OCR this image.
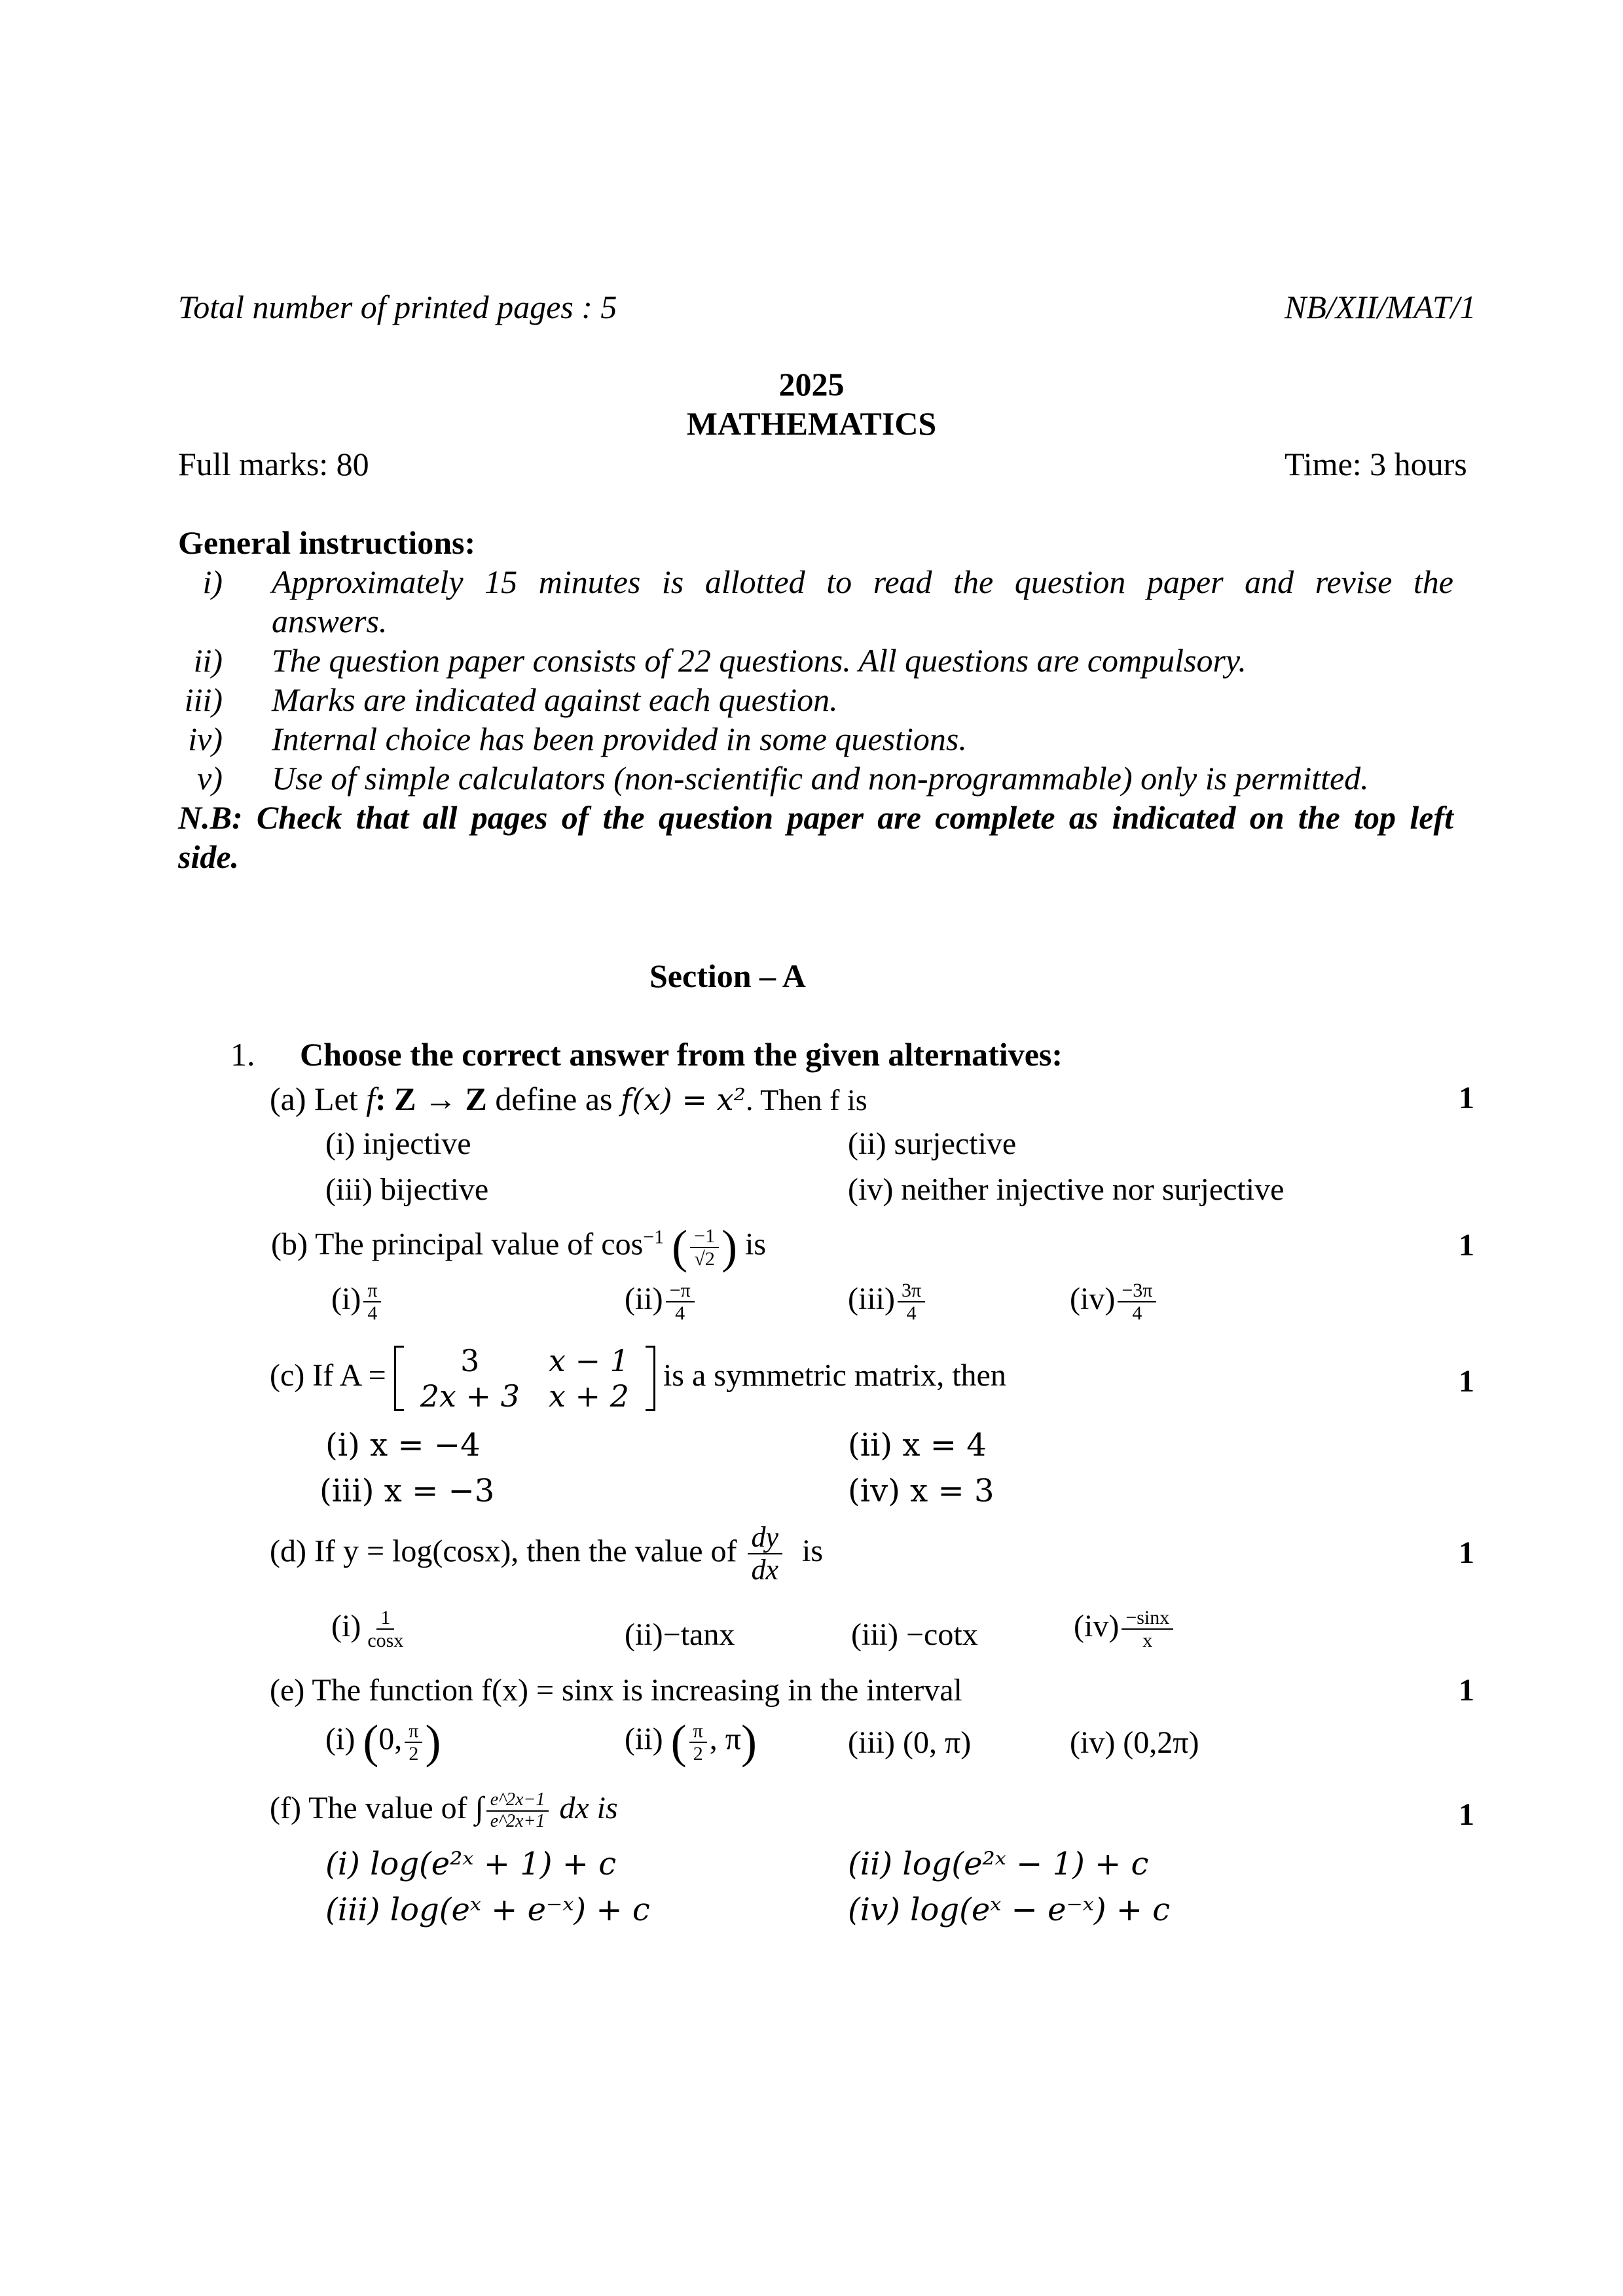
Total number of printed pages : 5	NB/XII/MAT/1
2025
MATHEMATICS
Full marks: 80	Time: 3 hours
General instructions:
i) Approximately 15 minutes is allotted to read the question paper and revise the
answers.
ii) The question paper consists of 22 questions. All questions are compulsory.
iii) Marks are indicated against each question.
iv) Internal choice has been provided in some questions.
v) Use of simple calculators (non-scientific and non-programmable) only is permitted.
N.B: Check that all pages of the question paper are complete as indicated on the top left
side.
Section – A
1. Choose the correct answer from the given alternatives:
(a) Let f: Z → Z define as f(x) = x². Then f is	1
(i) injective	(ii) surjective
(iii) bijective	(iv) neither injective nor surjective
(b) The principal value of $\cos^{-1}$ ( $\frac{-1}{√2}$ ) is	1
$(i) \frac{\pi}{4}$	$(ii) \frac{-\pi}{4}$	$(iii) \frac{3\pi}{4}$	$(iv) \frac{-3\pi}{4}$
(c) If A = 3	x − 1
2x + 3	x + 2
is a symmetric matrix, then	1
(i) x = −4	(ii) x = 4
(iii) x = −3	(iv) x = 3
(d) If y = log(cosx), then the value of $\frac{dy}{dx}$ is	1
$(i) \frac{1}{\cos x}$	(ii)−tanx	(iii) −cotx	$(iv) \frac{-\sin x}{x}$
(e) The function f(x) = sinx is increasing in the interval	1
(i) (0, $\frac{\pi}{2}$ )	(ii) ( $\frac{\pi}{2}$ , π)	(iii) (0, π)	(iv) (0,2π)
(f) The value of ∫ $\frac{e\^{}2x-1}{e\^{}2x+1}$ dx is	1
(i) log(e²ˣ + 1) + c	(ii) log(e²ˣ − 1) + c
(iii) log(eˣ + e⁻ˣ) + c	(iv) log(eˣ − e⁻ˣ) + c
